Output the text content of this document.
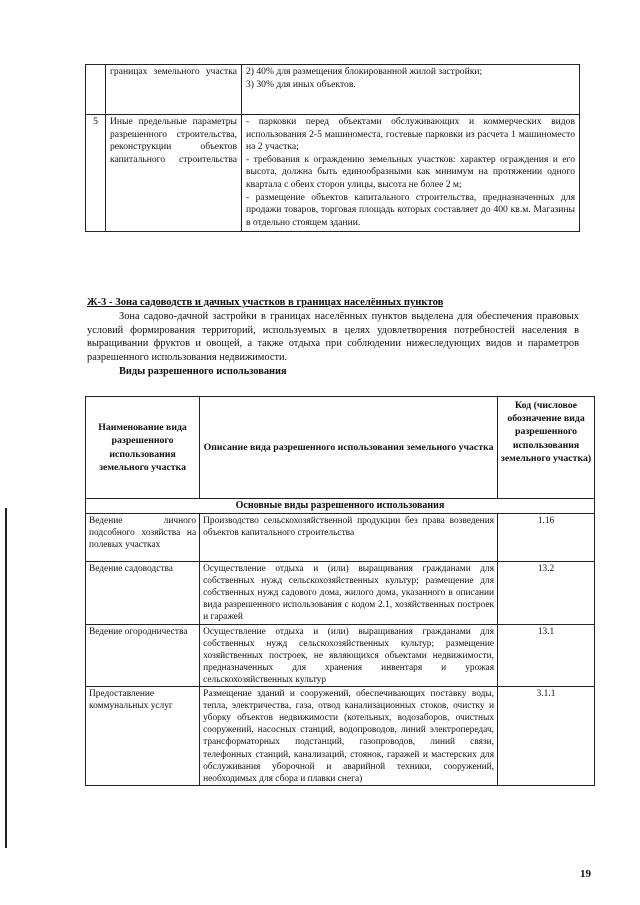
	границах земельного участка	2) 40% для размещения блокированной жилой застройки;
3) 30% для иных объектов.

5	Иные предельные параметры разрешенного строительства, реконструкции объектов капитального строительства	- парковки перед объектами обслуживающих и коммерческих видов использования 2-5 машиноместа, гостевые парковки из расчета 1 машиноместо на 2 участка;
- требования к ограждению земельных участков: характер ограждения и его высота, должна быть единообразными как минимум на протяжении одного квартала с обеих сторон улицы, высота не более 2 м;
- размещение объектов капитального строительства, предназначенных для продажи товаров, торговая площадь которых составляет до 400 кв.м. Магазины в отдельно стоящем здании.
Ж-3 - Зона садоводств и дачных участков в границах населённых пунктов
Зона садово-дачной застройки в границах населённых пунктов выделена для обеспечения правовых условий формирования территорий, используемых в целях удовлетворения потребностей населения в выращивании фруктов и овощей, а также отдыха при соблюдении нижеследующих видов и параметров разрешенного использования недвижимости.
Виды разрешенного использования
Наименование вида разрешенного использования земельного участка	Описание вида разрешенного использования земельного участка	Код (числовое обозначение вида разрешенного использования земельного участка)
Основные виды разрешенного использования		
Ведение личного подсобного хозяйства на полевых участках	Производство сельскохозяйственной продукции без права возведения объектов капитального строительства	1.16
Ведение садоводства	Осуществление отдыха и (или) выращивания гражданами для собственных нужд сельскохозяйственных культур; размещение для собственных нужд садового дома, жилого дома, указанного в описании вида разрешенного использования с кодом 2.1, хозяйственных построек и гаражей	13.2
Ведение огородничества	Осуществление отдыха и (или) выращивания гражданами для собственных нужд сельскохозяйственных культур; размещение хозяйственных построек, не являющихся объектами недвижимости, предназначенных для хранения инвентаря и урожая сельскохозяйственных культур	13.1
Предоставление коммунальных услуг	Размещение зданий и сооружений, обеспечивающих поставку воды, тепла, электричества, газа, отвод канализационных стоков, очистку и уборку объектов недвижимости (котельных, водозаборов, очистных сооружений, насосных станций, водопроводов, линий электропередач, трансформаторных подстанций, газопроводов, линий связи, телефонных станций, канализаций, стоянок, гаражей и мастерских для обслуживания уборочной и аварийной техники, сооружений, необходимых для сбора и плавки снега)	3.1.1
19
